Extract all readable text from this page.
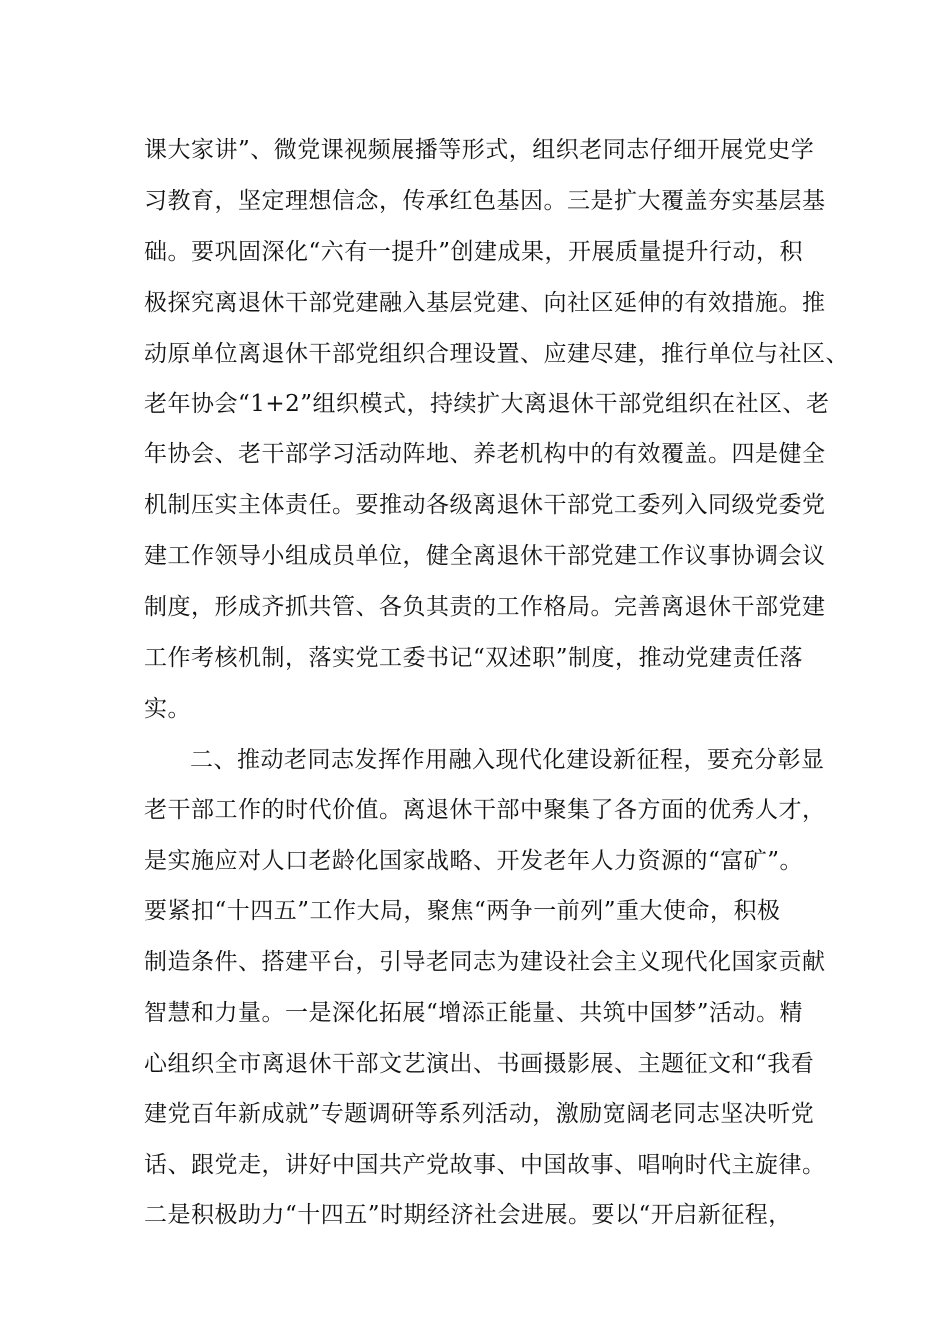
课大家讲”、微党课视频展播等形式，组织老同志仔细开展党史学
习教育，坚定理想信念，传承红色基因。三是扩大覆盖夯实基层基
础。要巩固深化“六有一提升”创建成果，开展质量提升行动，积
极探究离退休干部党建融入基层党建、向社区延伸的有效措施。推
动原单位离退休干部党组织合理设置、应建尽建，推行单位与社区、
老年协会“1+2”组织模式，持续扩大离退休干部党组织在社区、老
年协会、老干部学习活动阵地、养老机构中的有效覆盖。四是健全
机制压实主体责任。要推动各级离退休干部党工委列入同级党委党
建工作领导小组成员单位，健全离退休干部党建工作议事协调会议
制度，形成齐抓共管、各负其责的工作格局。完善离退休干部党建
工作考核机制，落实党工委书记“双述职”制度，推动党建责任落
实。
二、推动老同志发挥作用融入现代化建设新征程，要充分彰显
老干部工作的时代价值。离退休干部中聚集了各方面的优秀人才，
是实施应对人口老龄化国家战略、开发老年人力资源的“富矿”。
要紧扣“十四五”工作大局，聚焦“两争一前列”重大使命，积极
制造条件、搭建平台，引导老同志为建设社会主义现代化国家贡献
智慧和力量。一是深化拓展“增添正能量、共筑中国梦”活动。精
心组织全市离退休干部文艺演出、书画摄影展、主题征文和“我看
建党百年新成就”专题调研等系列活动，激励宽阔老同志坚决听党
话、跟党走，讲好中国共产党故事、中国故事、唱响时代主旋律。
二是积极助力“十四五”时期经济社会进展。要以“开启新征程，
